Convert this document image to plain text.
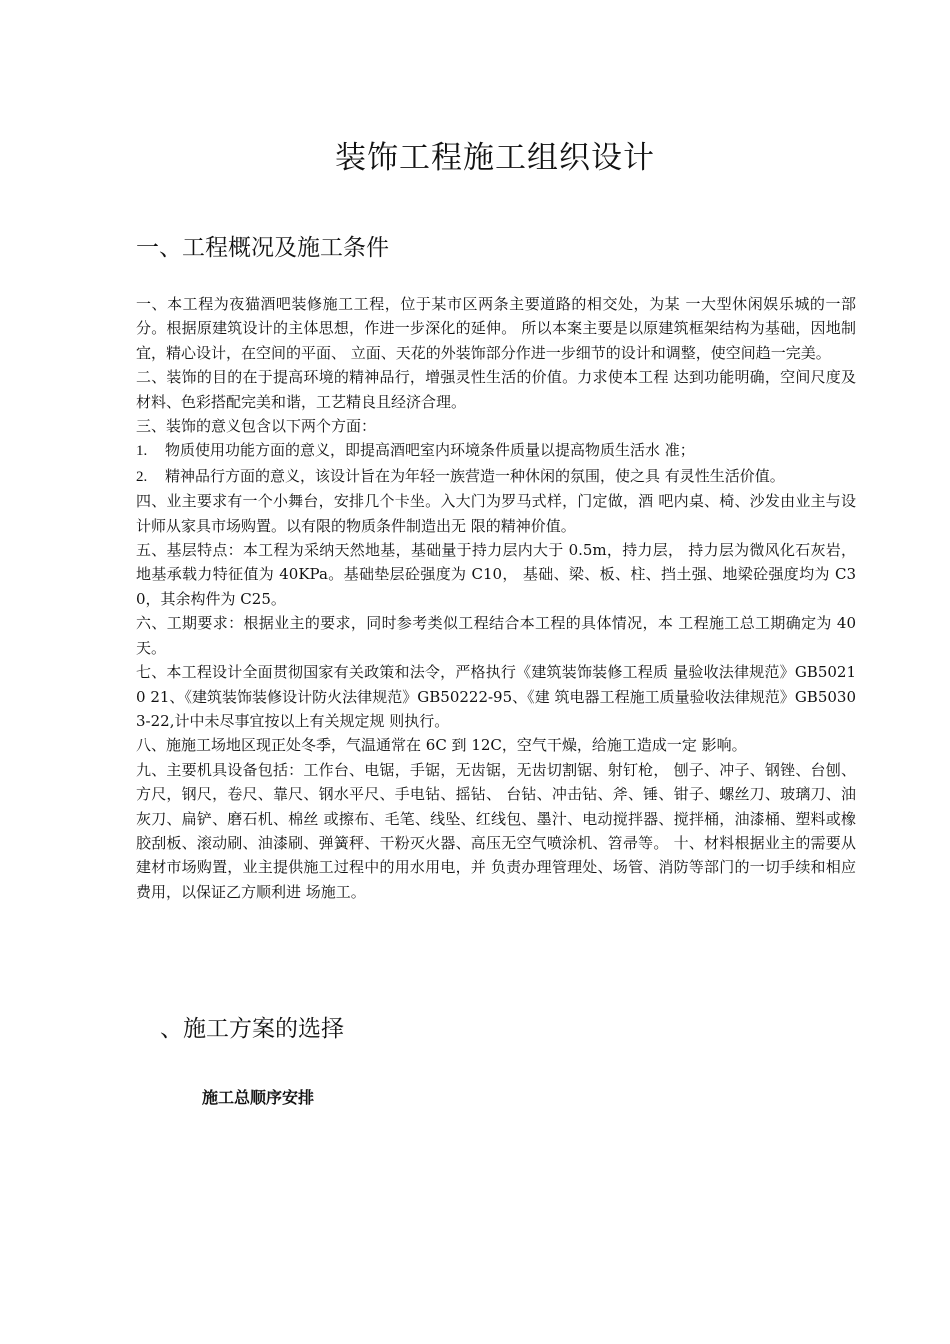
装饰工程施工组织设计
一、工程概况及施工条件

一、本工程为夜猫酒吧装修施工工程，位于某市区两条主要道路的相交处，为某 一大型休闲娱乐城的一部分。根据原建筑设计的主体思想，作进一步深化的延伸。 所以本案主要是以原建筑框架结构为基础，因地制宜，精心设计，在空间的平面、 立面、天花的外装饰部分作进一步细节的设计和调整，使空间趋一完美。

二、装饰的目的在于提高环境的精神品行，增强灵性生活的价值。力求使本工程 达到功能明确，空间尺度及材料、色彩搭配完美和谐，工艺精良且经济合理。

三、装饰的意义包含以下两个方面：

1. 物质使用功能方面的意义，即提高酒吧室内环境条件质量以提高物质生活水 准；

2. 精神品行方面的意义，该设计旨在为年轻一族营造一种休闲的氛围，使之具 有灵性生活价值。

四、业主要求有一个小舞台，安排几个卡坐。入大门为罗马式样，门定做，酒 吧内桌、椅、沙发由业主与设计师从家具市场购置。以有限的物质条件制造出无 限的精神价值。

五、基层特点：本工程为采纳天然地基，基础量于持力层内大于 0.5m，持力层， 持力层为微风化石灰岩，地基承载力特征值为 40KPa。基础垫层砼强度为 C10， 基础、梁、板、柱、挡土强、地梁砼强度均为 C30，其余构件为 C25。

六、工期要求：根据业主的要求，同时参考类似工程结合本工程的具体情况，本 工程施工总工期确定为 40 天。

七、本工程设计全面贯彻国家有关政策和法令，严格执行《建筑装饰装修工程质 量验收法律规范》GB50210 21、《建筑装饰装修设计防火法律规范》GB50222-95、《建 筑电器工程施工质量验收法律规范》GB50303-22,计中未尽事宜按以上有关规定规 则执行。

八、施施工场地区现正处冬季，气温通常在 6C 到 12C，空气干燥，给施工造成一定 影响。

九、主要机具设备包括：工作台、电锯，手锯，无齿锯，无齿切割锯、射钉枪， 刨子、冲子、钢锉、台刨、方尺，钢尺，卷尺、靠尺、钢水平尺、手电钻、摇钻、 台钻、冲击钻、斧、锤、钳子、螺丝刀、玻璃刀、油灰刀、扁铲、磨石机、棉丝 或擦布、毛笔、线坠、红线包、墨汁、电动搅拌器、搅拌桶，油漆桶、塑料或橡 胶刮板、滚动刷、油漆刷、弹簧秤、干粉灭火器、高压无空气喷涂机、笤帚等。 十、材料根据业主的需要从建材市场购置，业主提供施工过程中的用水用电，并 负责办理管理处、场管、消防等部门的一切手续和相应费用，以保证乙方顺利进 场施工。

、施工方案的选择
施工总顺序安排
